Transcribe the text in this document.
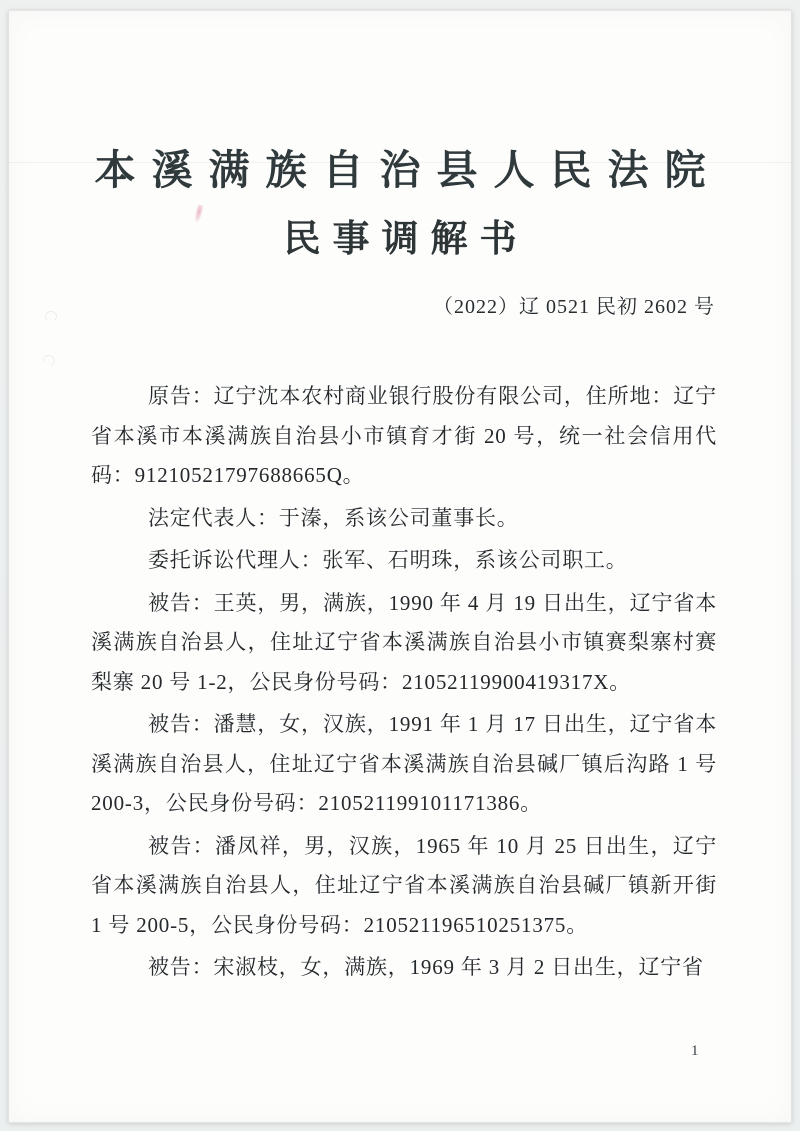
本溪满族自治县人民法院
民事调解书
（2022）辽 0521 民初 2602 号

原告：辽宁沈本农村商业银行股份有限公司，住所地：辽宁省本溪市本溪满族自治县小市镇育才街 20 号，统一社会信用代码：91210521797688665Q。

法定代表人：于溱，系该公司董事长。

委托诉讼代理人：张军、石明珠，系该公司职工。

被告：王英，男，满族，1990 年 4 月 19 日出生，辽宁省本溪满族自治县人，住址辽宁省本溪满族自治县小市镇赛梨寨村赛梨寨 20 号 1-2，公民身份号码：21052119900419317X。

被告：潘慧，女，汉族，1991 年 1 月 17 日出生，辽宁省本溪满族自治县人，住址辽宁省本溪满族自治县碱厂镇后沟路 1 号 200-3，公民身份号码：210521199101171386。

被告：潘凤祥，男，汉族，1965 年 10 月 25 日出生，辽宁省本溪满族自治县人，住址辽宁省本溪满族自治县碱厂镇新开街 1 号 200-5，公民身份号码：210521196510251375。

被告：宋淑枝，女，满族，1969 年 3 月 2 日出生，辽宁省

1
